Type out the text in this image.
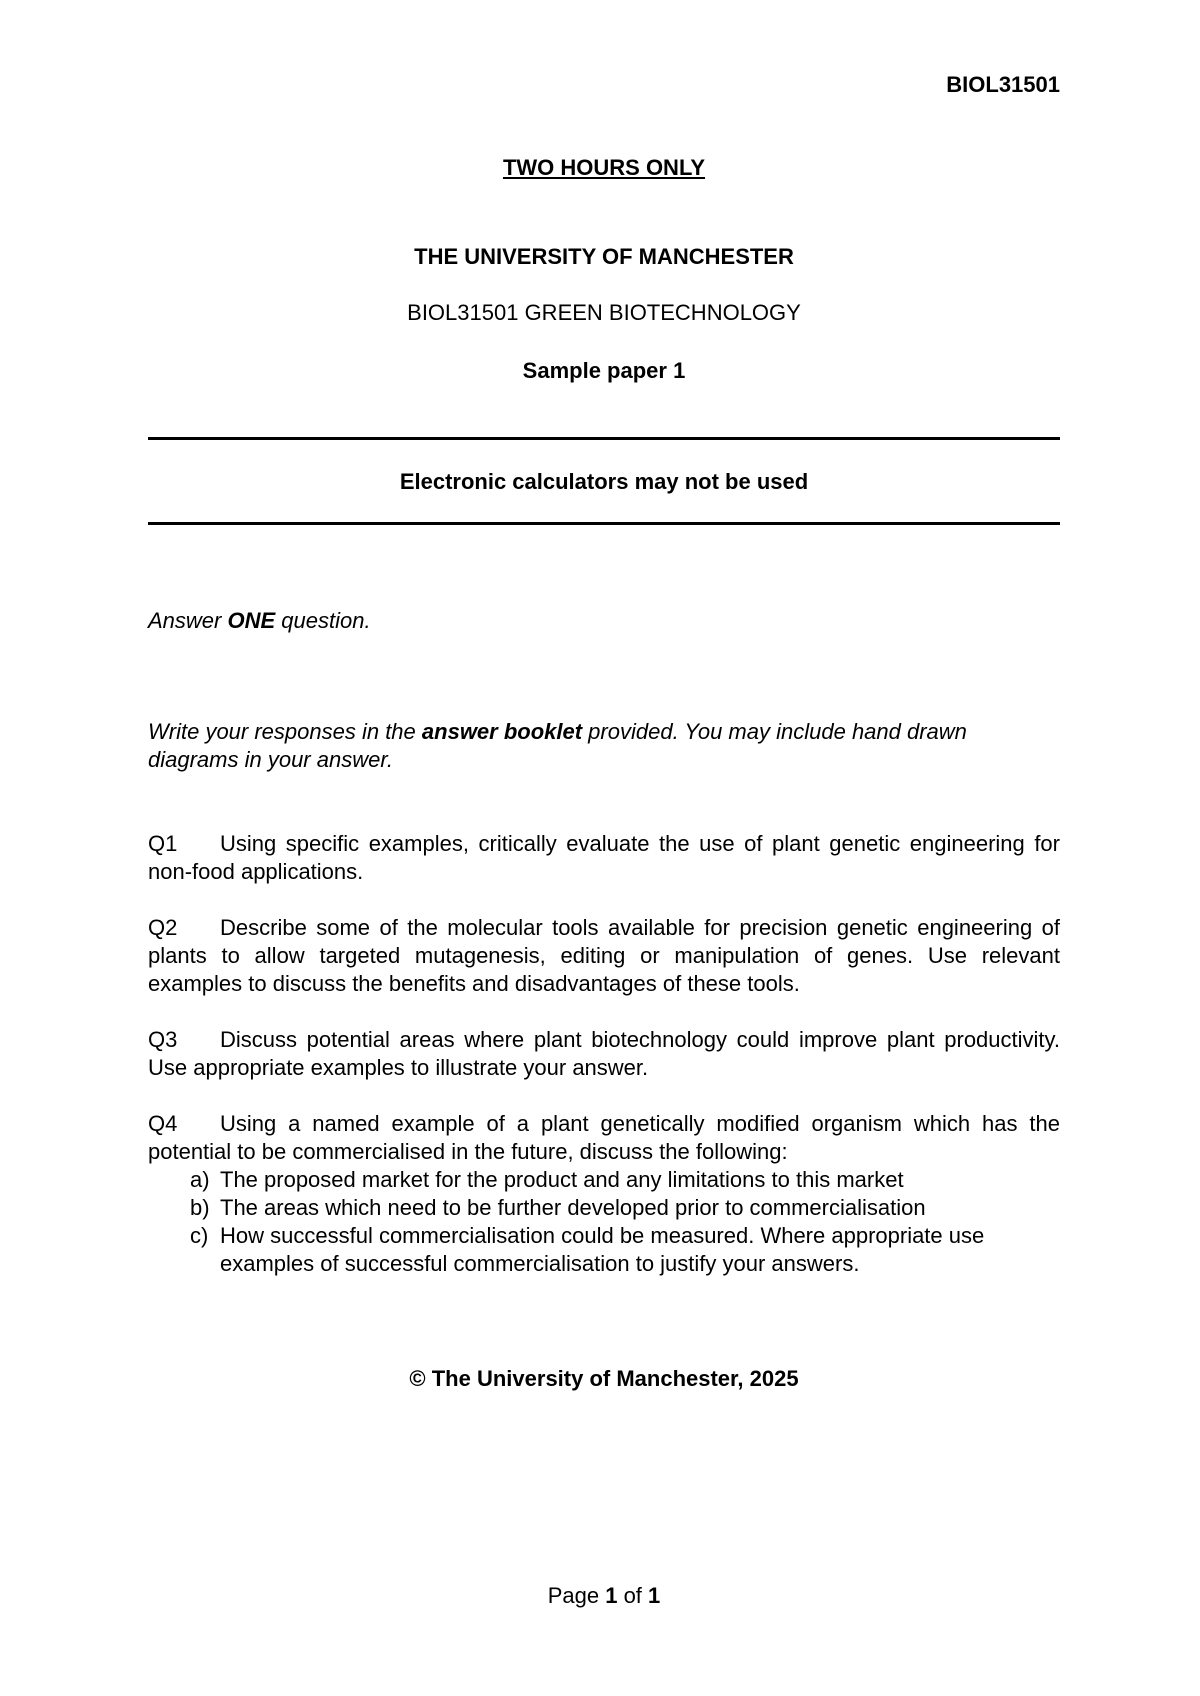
BIOL31501
TWO HOURS ONLY
THE UNIVERSITY OF MANCHESTER
BIOL31501 GREEN BIOTECHNOLOGY
Sample paper 1
Electronic calculators may not be used
Answer ONE question.
Write your responses in the answer booklet provided. You may include hand drawn diagrams in your answer.
Q1 Using specific examples, critically evaluate the use of plant genetic engineering for non-food applications.
Q2 Describe some of the molecular tools available for precision genetic engineering of plants to allow targeted mutagenesis, editing or manipulation of genes. Use relevant examples to discuss the benefits and disadvantages of these tools.
Q3 Discuss potential areas where plant biotechnology could improve plant productivity. Use appropriate examples to illustrate your answer.
Q4 Using a named example of a plant genetically modified organism which has the potential to be commercialised in the future, discuss the following:
a) The proposed market for the product and any limitations to this market
b) The areas which need to be further developed prior to commercialisation
c) How successful commercialisation could be measured. Where appropriate use examples of successful commercialisation to justify your answers.
© The University of Manchester, 2025
Page 1 of 1
